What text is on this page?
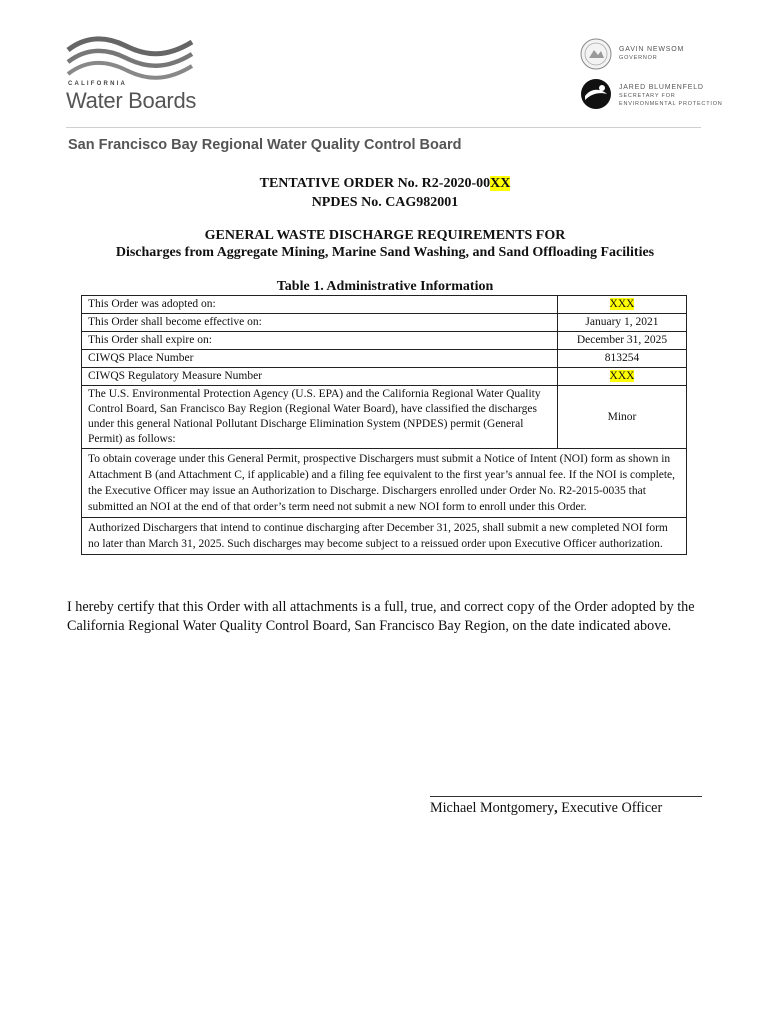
CALIFORNIA
Water Boards
GAVIN NEWSOM
GOVERNOR
JARED BLUMENFELD
SECRETARY FOR
ENVIRONMENTAL PROTECTION
San Francisco Bay Regional Water Quality Control Board
TENTATIVE ORDER No. R2-2020-00XX
NPDES No. CAG982001
GENERAL WASTE DISCHARGE REQUIREMENTS FOR
Discharges from Aggregate Mining, Marine Sand Washing, and Sand Offloading Facilities
Table 1. Administrative Information
This Order was adopted on:	XXX
This Order shall become effective on:	January 1, 2021
This Order shall expire on:	December 31, 2025
CIWQS Place Number	813254
CIWQS Regulatory Measure Number	XXX
The U.S. Environmental Protection Agency (U.S. EPA) and the California Regional Water Quality Control Board, San Francisco Bay Region (Regional Water Board), have classified the discharges under this general National Pollutant Discharge Elimination System (NPDES) permit (General Permit) as follows:	Minor
To obtain coverage under this General Permit, prospective Dischargers must submit a Notice of Intent (NOI) form as shown in Attachment B (and Attachment C, if applicable) and a filing fee equivalent to the first year’s annual fee. If the NOI is complete, the Executive Officer may issue an Authorization to Discharge. Dischargers enrolled under Order No. R2-2015-0035 that submitted an NOI at the end of that order’s term need not submit a new NOI form to enroll under this Order.	
Authorized Dischargers that intend to continue discharging after December 31, 2025, shall submit a new completed NOI form no later than March 31, 2025. Such discharges may become subject to a reissued order upon Executive Officer authorization.	
I hereby certify that this Order with all attachments is a full, true, and correct copy of the Order adopted by the California Regional Water Quality Control Board, San Francisco Bay Region, on the date indicated above.
Michael Montgomery, Executive Officer
